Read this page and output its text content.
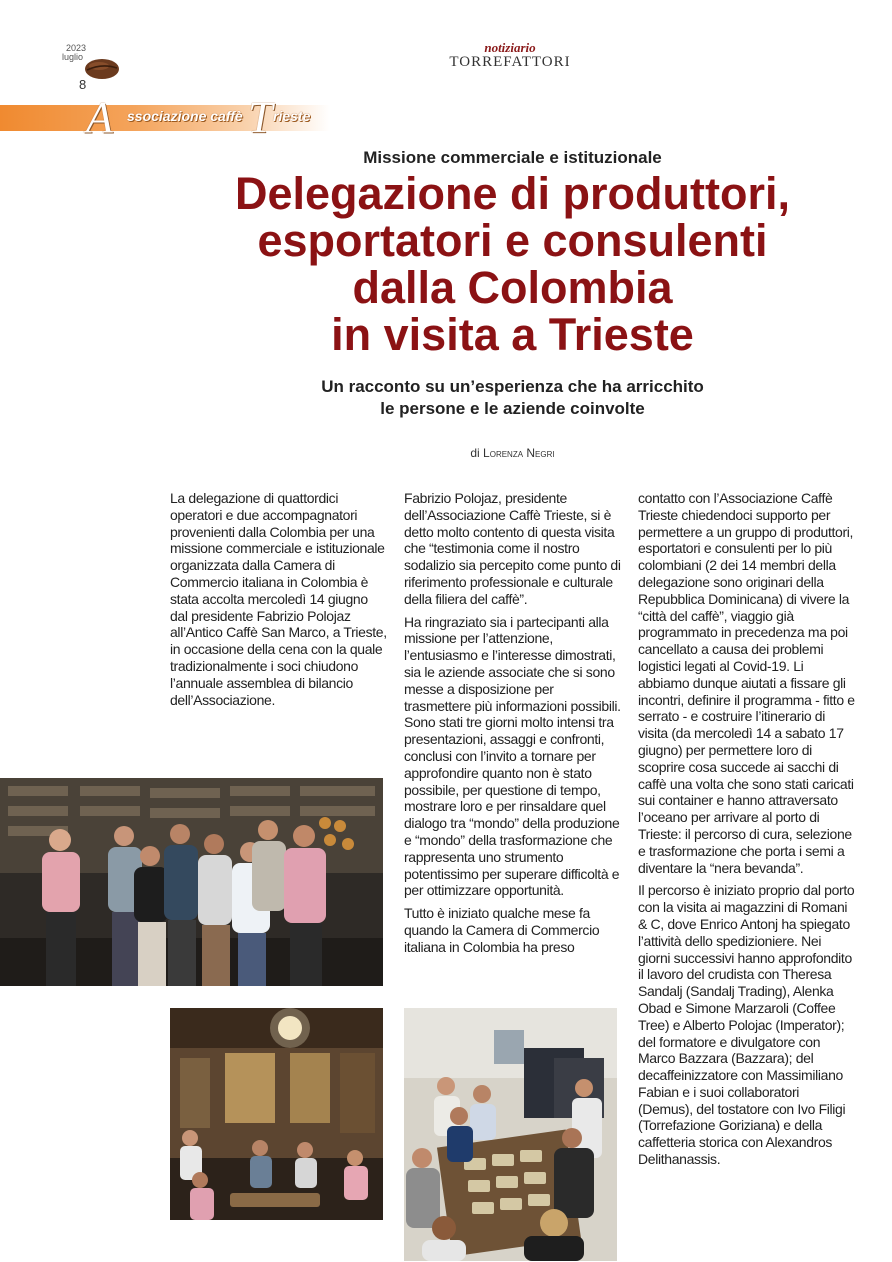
2023
luglio
8
notiziario
TORREFATTORI
A ssociazione caffè T rieste
Missione commerciale e istituzionale
Delegazione di produttori,
esportatori e consulenti
dalla Colombia
in visita a Trieste
Un racconto su un’esperienza che ha arricchito
le persone e le aziende coinvolte
di Lorenza Negri

La delegazione di quattordici operatori e due accompagnatori provenienti dalla Colombia per una missione commerciale e istituzionale organizzata dalla Camera di Commercio italiana in Colombia è stata accolta mercoledì 14 giugno dal presidente Fabrizio Polojaz all’Antico Caffè San Marco, a Trieste, in occasione della cena con la quale tradizionalmente i soci chiudono l’annuale assemblea di bilancio dell’Associazione.

Fabrizio Polojaz, presidente dell’Associazione Caffè Trieste, si è detto molto contento di questa visita che “testimonia come il nostro sodalizio sia percepito come punto di riferimento professionale e culturale della filiera del caffè”.

Ha ringraziato sia i partecipanti alla missione per l’attenzione, l’entusiasmo e l’interesse dimostrati, sia le aziende associate che si sono messe a disposizione per trasmettere più informazioni possibili. Sono stati tre giorni molto intensi tra presentazioni, assaggi e confronti, conclusi con l’invito a tornare per approfondire quanto non è stato possibile, per questione di tempo, mostrare loro e per rinsaldare quel dialogo tra “mondo” della produzione e “mondo” della trasformazione che rappresenta uno strumento potentissimo per superare difficoltà e per ottimizzare opportunità.

Tutto è iniziato qualche mese fa quando la Camera di Commercio italiana in Colombia ha preso

contatto con l’Associazione Caffè Trieste chiedendoci supporto per permettere a un gruppo di produttori, esportatori e consulenti per lo più colombiani (2 dei 14 membri della delegazione sono originari della Repubblica Dominicana) di vivere la “città del caffè”, viaggio già programmato in precedenza ma poi cancellato a causa dei problemi logistici legati al Covid-19. Li abbiamo dunque aiutati a fissare gli incontri, definire il programma - fitto e serrato - e costruire l’itinerario di visita (da mercoledì 14 a sabato 17 giugno) per permettere loro di scoprire cosa succede ai sacchi di caffè una volta che sono stati caricati sui container e hanno attraversato l’oceano per arrivare al porto di Trieste: il percorso di cura, selezione e trasformazione che porta i semi a diventare la “nera bevanda”.

Il percorso è iniziato proprio dal porto con la visita ai magazzini di Romani & C, dove Enrico Antonj ha spiegato l’attività dello spedizioniere. Nei giorni successivi hanno approfondito il lavoro del crudista con Theresa Sandalj (Sandalj Trading), Alenka Obad e Simone Marzaroli (Coffee Tree) e Alberto Polojac (Imperator); del formatore e divulgatore con Marco Bazzara (Bazzara); del decaffeinizzatore con Massimiliano Fabian e i suoi collaboratori (Demus), del tostatore con Ivo Filigi (Torrefazione Goriziana) e della caffetteria storica con Alexandros Delithanassis.
